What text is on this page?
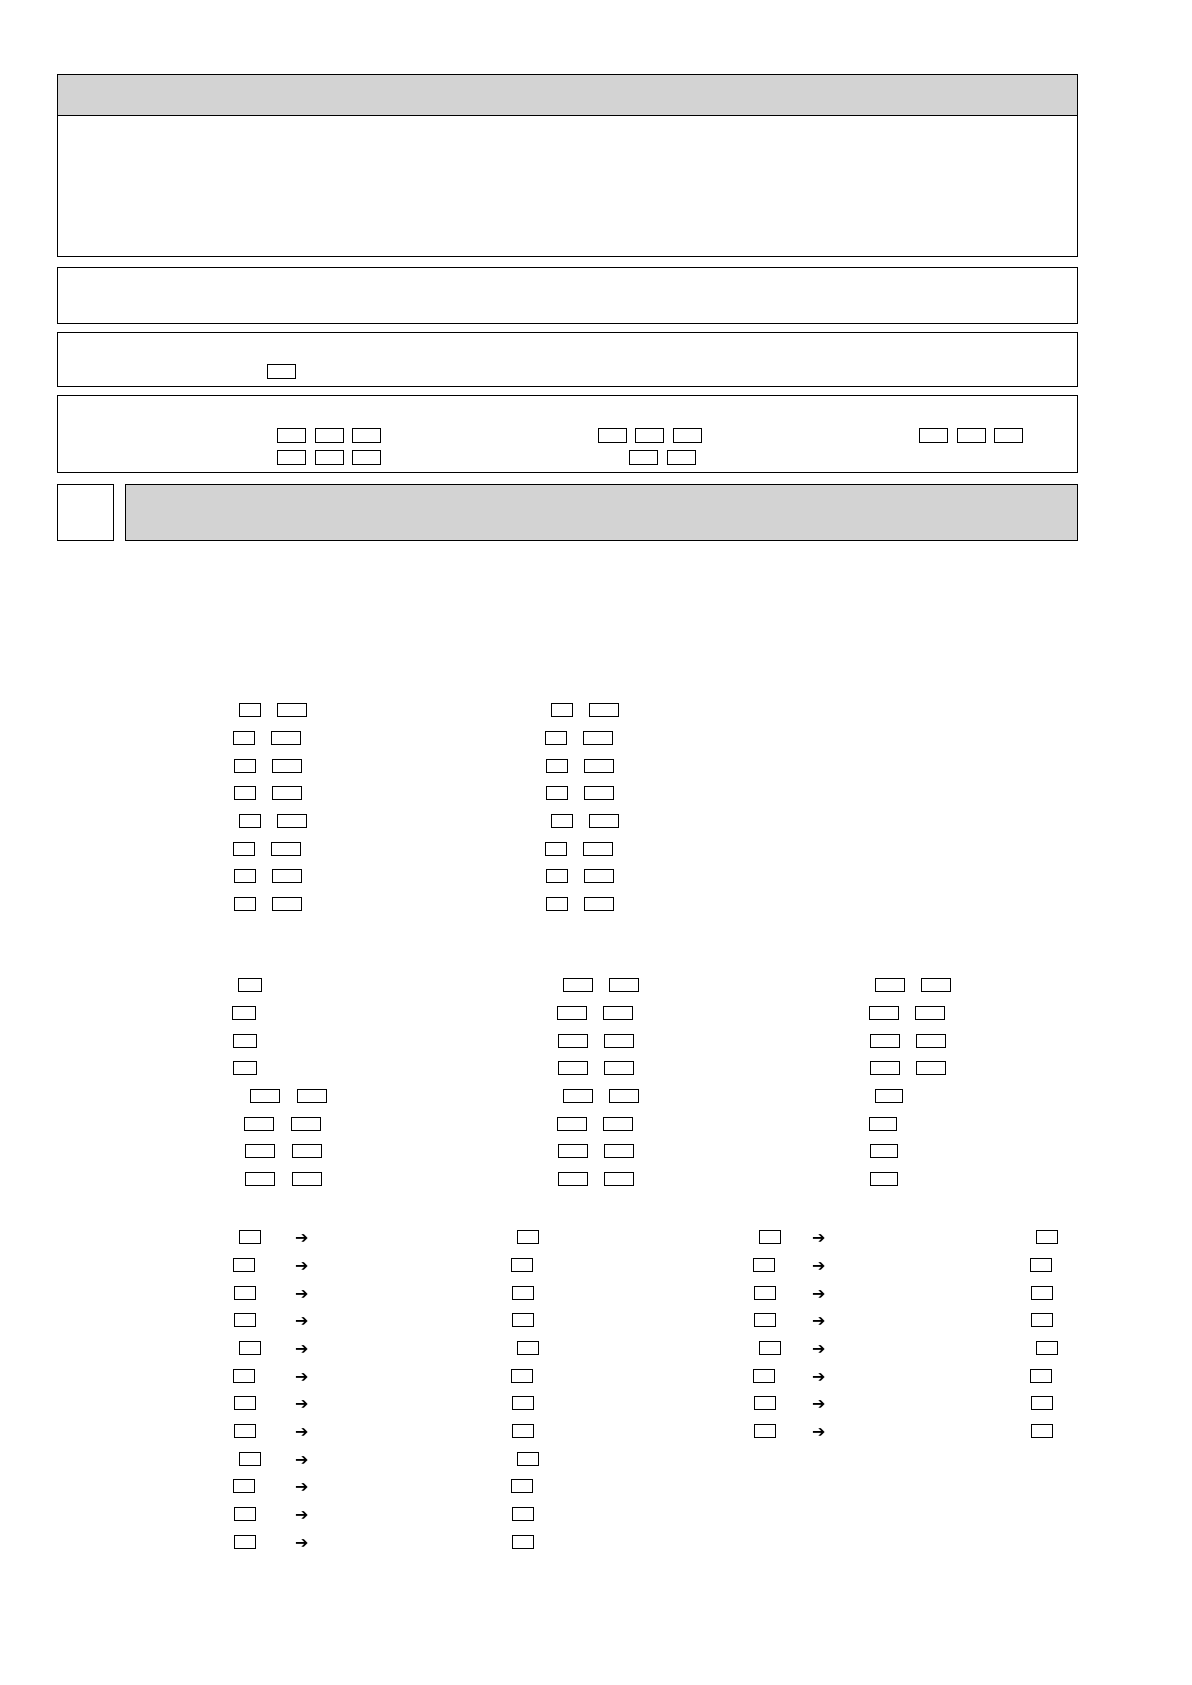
➔
➔
➔
➔
➔
➔
➔
➔
➔
➔
➔
➔
➔
➔
➔
➔
➔
➔
➔
➔
